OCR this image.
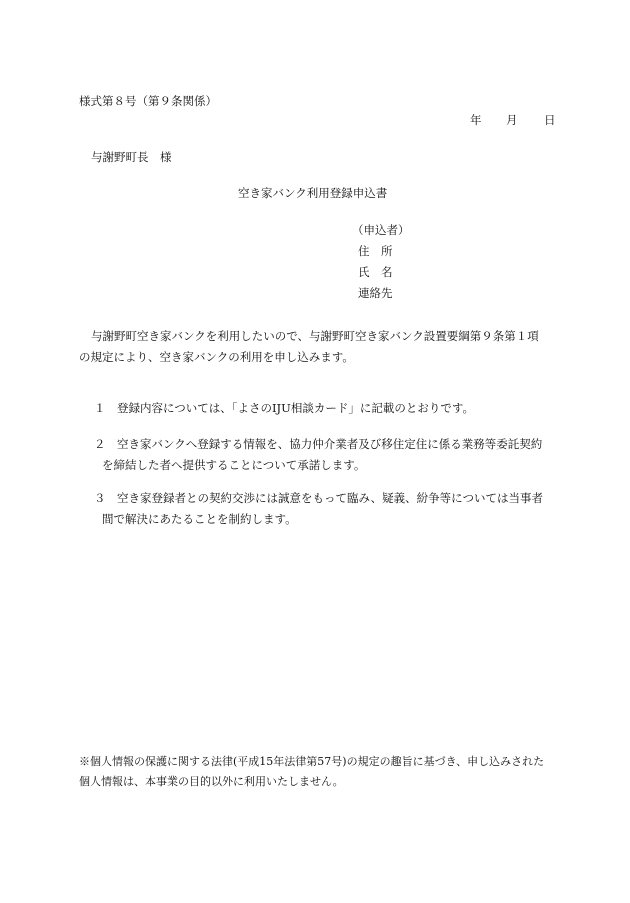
様式第８号（第９条関係）
年 月 日
与謝野町長　様
空き家バンク利用登録申込書
（申込者）
住　所
氏　名
連絡先
与謝野町空き家バンクを利用したいので、与謝野町空き家バンク設置要綱第９条第１項
の規定により、空き家バンクの利用を申し込みます。
１	登録内容については、「よさのIJU相談カード」に記載のとおりです。
２	空き家バンクへ登録する情報を、協力仲介業者及び移住定住に係る業務等委託契約
を締結した者へ提供することについて承諾します。
３	空き家登録者との契約交渉には誠意をもって臨み、疑義、紛争等については当事者
間で解決にあたることを制約します。
※個人情報の保護に関する法律(平成15年法律第57号)の規定の趣旨に基づき、申し込みされた
個人情報は、本事業の目的以外に利用いたしません。
